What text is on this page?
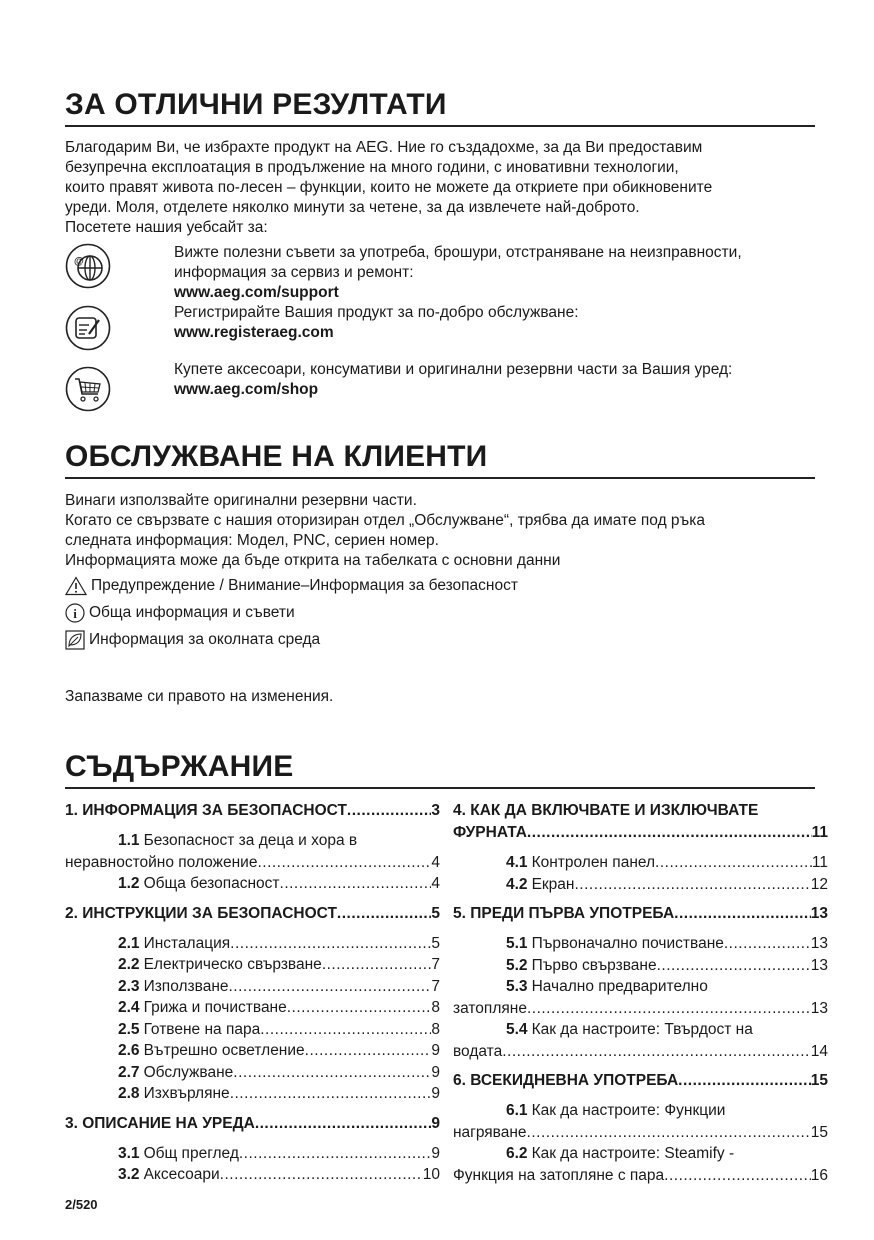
ЗА ОТЛИЧНИ РЕЗУЛТАТИ
Благодарим Ви, че избрахте продукт на AEG. Ние го създадохме, за да Ви предоставим
безупречна експлоатация в продължение на много години, с иновативни технологии,
които правят живота по-лесен – функции, които не можете да откриете при обикновените
уреди. Моля, отделете няколко минути за четене, за да извлечете най-доброто.
Посетете нашия уебсайт за:
@
Вижте полезни съвети за употреба, брошури, отстраняване на неизправности,
информация за сервиз и ремонт:
www.aeg.com/support
Регистрирайте Вашия продукт за по-добро обслужване:
www.registeraeg.com
Купете аксесоари, консумативи и оригинални резервни части за Вашия уред:
www.aeg.com/shop
ОБСЛУЖВАНЕ НА КЛИЕНТИ
Винаги използвайте оригинални резервни части.
Когато се свързвате с нашия оторизиран отдел „Обслужване“, трябва да имате под ръка
следната информация: Модел, PNC, сериен номер.
Информацията може да бъде открита на табелката с основни данни
Предупреждение / Внимание–Информация за безопасност
i Обща информация и съвети
Информация за околната среда
Запазваме си правото на изменения.
СЪДЪРЖАНИЕ
1. ИНФОРМАЦИЯ ЗА БЕЗОПАСНОСТ .....	3
1.1 Безопасност за деца и хора в
неравностойно положение .....	4
1.2 Обща безопасност .....	4
2. ИНСТРУКЦИИ ЗА БЕЗОПАСНОСТ .....	5
2.1 Инсталация .....	5
2.2 Електрическо свързване .....	7
2.3 Използване .....	7
2.4 Грижа и почистване .....	8
2.5 Готвене на пара .....	8
2.6 Вътрешно осветление .....	9
2.7 Обслужване .....	9
2.8 Изхвърляне .....	9
3. ОПИСАНИЕ НА УРЕДА .....	9
3.1 Общ преглед .....	9
3.2 Аксесоари .....	10
4. КАК ДА ВКЛЮЧВАТЕ И ИЗКЛЮЧВАТЕ
ФУРНАТА .....	11
4.1 Контролен панел .....	11
4.2 Екран .....	12
5. ПРЕДИ ПЪРВА УПОТРЕБА .....	13
5.1 Първоначално почистване .....	13
5.2 Първо свързване .....	13
5.3 Начално предварително
затопляне .....	13
5.4 Как да настроите: Твърдост на
водата .....	14
6. ВСЕКИДНЕВНА УПОТРЕБА .....	15
6.1 Как да настроите: Функции
нагряване .....	15
6.2 Как да настроите: Steamify -
Функция на затопляне с пара .....	16
2/520
